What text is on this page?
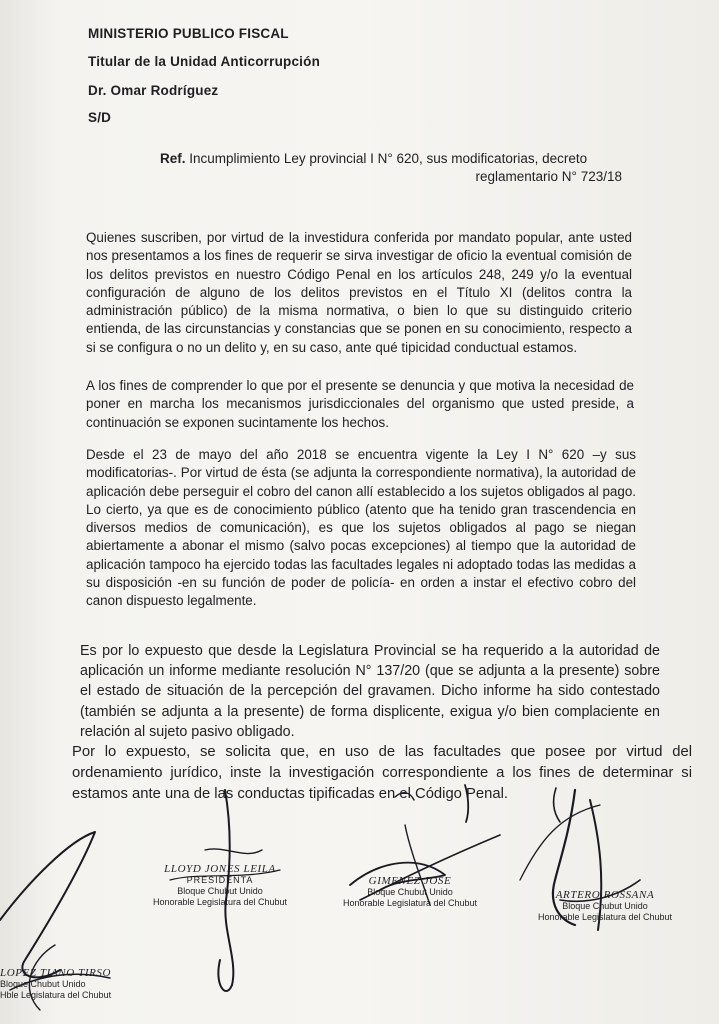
MINISTERIO PUBLICO FISCAL
Titular de la Unidad Anticorrupción
Dr. Omar Rodríguez
S/D
Ref. Incumplimiento Ley provincial I N° 620, sus modificatorias, decreto
reglamentario N° 723/18
Quienes suscriben, por virtud de la investidura conferida por mandato popular, ante usted nos presentamos a los fines de requerir se sirva investigar de oficio la eventual comisión de los delitos previstos en nuestro Código Penal en los artículos 248, 249 y/o la eventual configuración de alguno de los delitos previstos en el Título XI (delitos contra la administración público) de la misma normativa, o bien lo que su distinguido criterio entienda, de las circunstancias y constancias que se ponen en su conocimiento, respecto a si se configura o no un delito y, en su caso, ante qué tipicidad conductual estamos.
A los fines de comprender lo que por el presente se denuncia y que motiva la necesidad de poner en marcha los mecanismos jurisdiccionales del organismo que usted preside, a continuación se exponen sucintamente los hechos.
Desde el 23 de mayo del año 2018 se encuentra vigente la Ley I N° 620 –y sus modificatorias-. Por virtud de ésta (se adjunta la correspondiente normativa), la autoridad de aplicación debe perseguir el cobro del canon allí establecido a los sujetos obligados al pago. Lo cierto, ya que es de conocimiento público (atento que ha tenido gran trascendencia en diversos medios de comunicación), es que los sujetos obligados al pago se niegan abiertamente a abonar el mismo (salvo pocas excepciones) al tiempo que la autoridad de aplicación tampoco ha ejercido todas las facultades legales ni adoptado todas las medidas a su disposición -en su función de poder de policía- en orden a instar el efectivo cobro del canon dispuesto legalmente.
Es por lo expuesto que desde la Legislatura Provincial se ha requerido a la autoridad de aplicación un informe mediante resolución N° 137/20 (que se adjunta a la presente) sobre el estado de situación de la percepción del gravamen. Dicho informe ha sido contestado (también se adjunta a la presente) de forma displicente, exigua y/o bien complaciente en relación al sujeto pasivo obligado.
Por lo expuesto, se solicita que, en uso de las facultades que posee por virtud del ordenamiento jurídico, inste la investigación correspondiente a los fines de determinar si estamos ante una de las conductas tipificadas en el Código Penal.
LLOYD JONES LEILA
PRESIDENTA
Bloque Chubut Unido
Honorable Legislatura del Chubut
GIMENEZ JOSE
Bloque Chubut Unido
Honorable Legislatura del Chubut
ARTERO ROSSANA
Bloque Chubut Unido
Honorable Legislatura del Chubut
LOPEZ TIANO TIRSO
Bloque Chubut Unido
Hble Legislatura del Chubut
